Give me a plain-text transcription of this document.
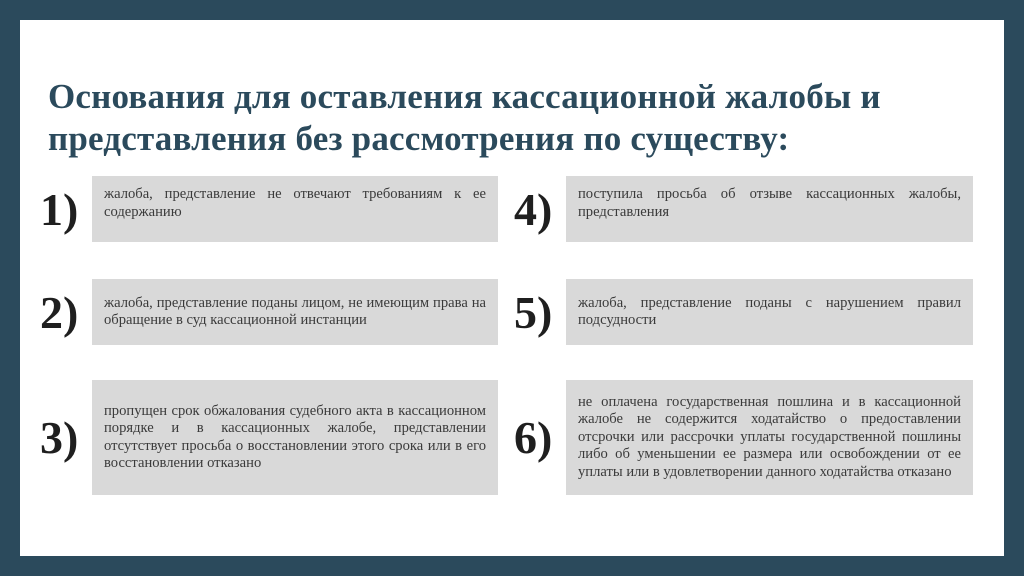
Основания для оставления кассационной жалобы и представления без рассмотрения по существу:
1)	жалоба, представление не отвечают требованиям к ее содержанию
2)	жалоба, представление поданы лицом, не имеющим права на обращение в суд кассационной инстанции
3)
пропущен срок обжалования судебного акта в кассационном порядке и в кассационных жалобе, представлении отсутствует просьба о восстановлении этого срока или в его восстановлении отказано
4)	поступила просьба об отзыве кассационных жалобы, представления
5)	жалоба, представление поданы с нарушением правил подсудности
6)
не оплачена государственная пошлина и в кассационной жалобе не содержится ходатайство о предоставлении отсрочки или рассрочки уплаты государственной пошлины либо об уменьшении ее размера или освобождении от ее уплаты или в удовлетворении данного ходатайства отказано
